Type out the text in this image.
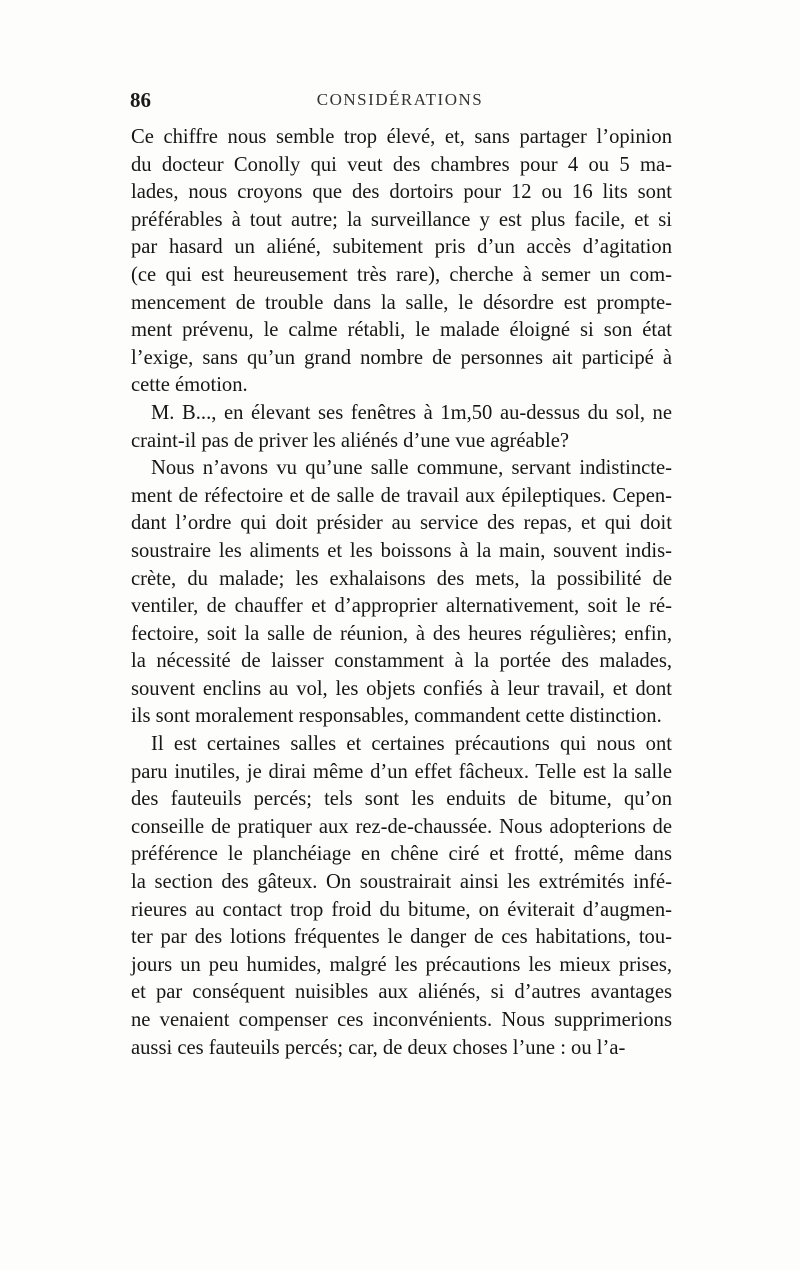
86	CONSIDÉRATIONS
Ce chiffre nous semble trop élevé, et, sans partager l’opinion
du docteur Conolly qui veut des chambres pour 4 ou 5 ma-
lades, nous croyons que des dortoirs pour 12 ou 16 lits sont
préférables à tout autre; la surveillance y est plus facile, et si
par hasard un aliéné, subitement pris d’un accès d’agitation
(ce qui est heureusement très rare), cherche à semer un com-
mencement de trouble dans la salle, le désordre est prompte-
ment prévenu, le calme rétabli, le malade éloigné si son état
l’exige, sans qu’un grand nombre de personnes ait participé à
cette émotion.
M. B..., en élevant ses fenêtres à 1m,50 au-dessus du sol, ne
craint-il pas de priver les aliénés d’une vue agréable?
Nous n’avons vu qu’une salle commune, servant indistincte-
ment de réfectoire et de salle de travail aux épileptiques. Cepen-
dant l’ordre qui doit présider au service des repas, et qui doit
soustraire les aliments et les boissons à la main, souvent indis-
crète, du malade; les exhalaisons des mets, la possibilité de
ventiler, de chauffer et d’approprier alternativement, soit le ré-
fectoire, soit la salle de réunion, à des heures régulières; enfin,
la nécessité de laisser constamment à la portée des malades,
souvent enclins au vol, les objets confiés à leur travail, et dont
ils sont moralement responsables, commandent cette distinction.
Il est certaines salles et certaines précautions qui nous ont
paru inutiles, je dirai même d’un effet fâcheux. Telle est la salle
des fauteuils percés; tels sont les enduits de bitume, qu’on
conseille de pratiquer aux rez-de-chaussée. Nous adopterions de
préférence le planchéiage en chêne ciré et frotté, même dans
la section des gâteux. On soustrairait ainsi les extrémités infé-
rieures au contact trop froid du bitume, on éviterait d’augmen-
ter par des lotions fréquentes le danger de ces habitations, tou-
jours un peu humides, malgré les précautions les mieux prises,
et par conséquent nuisibles aux aliénés, si d’autres avantages
ne venaient compenser ces inconvénients. Nous supprimerions
aussi ces fauteuils percés; car, de deux choses l’une : ou l’a-
